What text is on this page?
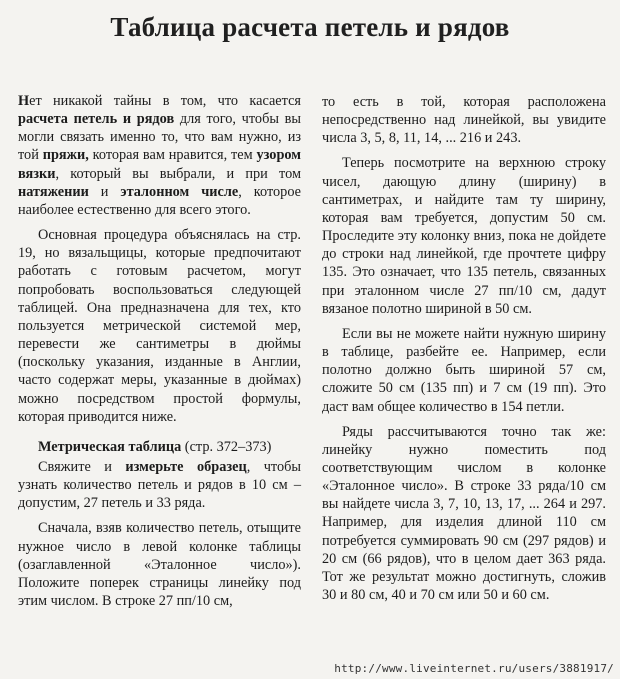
Таблица расчета петель и рядов

Нет никакой тайны в том, что касается расчета петель и рядов для того, чтобы вы могли связать именно то, что вам нужно, из той пряжи, которая вам нравится, тем узором вязки, который вы выбрали, и при том натяжении и эталонном числе, которое наиболее естественно для всего этого.

Основная процедура объяснялась на стр. 19, но вязальщицы, которые предпочитают работать с готовым расчетом, могут попробовать воспользоваться следующей таблицей. Она предназначена для тех, кто пользуется метрической системой мер, перевести же сантиметры в дюймы (поскольку указания, изданные в Англии, часто содержат меры, указанные в дюймах) можно посредством простой формулы, которая приводится ниже.

Метрическая таблица (стр. 372–373)

Свяжите и измерьте образец, чтобы узнать количество петель и рядов в 10 см – допустим, 27 петель и 33 ряда.

Сначала, взяв количество петель, отыщите нужное число в левой колонке таблицы (озаглавленной «Эталонное число»). Положите поперек страницы линейку под этим числом. В строке 27 пп/10 см,

то есть в той, которая расположена непосредственно над линейкой, вы увидите числа 3, 5, 8, 11, 14, ... 216 и 243.

Теперь посмотрите на верхнюю строку чисел, дающую длину (ширину) в сантиметрах, и найдите там ту ширину, которая вам требуется, допустим 50 см. Проследите эту колонку вниз, пока не дойдете до строки над линейкой, где прочтете цифру 135. Это означает, что 135 петель, связанных при эталонном числе 27 пп/10 см, дадут вязаное полотно шириной в 50 см.

Если вы не можете найти нужную ширину в таблице, разбейте ее. Например, если полотно должно быть шириной 57 см, сложите 50 см (135 пп) и 7 см (19 пп). Это даст вам общее количество в 154 петли.

Ряды рассчитываются точно так же: линейку нужно поместить под соответствующим числом в колонке «Эталонное число». В строке 33 ряда/10 см вы найдете числа 3, 7, 10, 13, 17, ... 264 и 297. Например, для изделия длиной 110 см потребуется суммировать 90 см (297 рядов) и 20 см (66 рядов), что в целом дает 363 ряда. Тот же результат можно достигнуть, сложив 30 и 80 см, 40 и 70 см или 50 и 60 см.

http://www.liveinternet.ru/users/3881917/
